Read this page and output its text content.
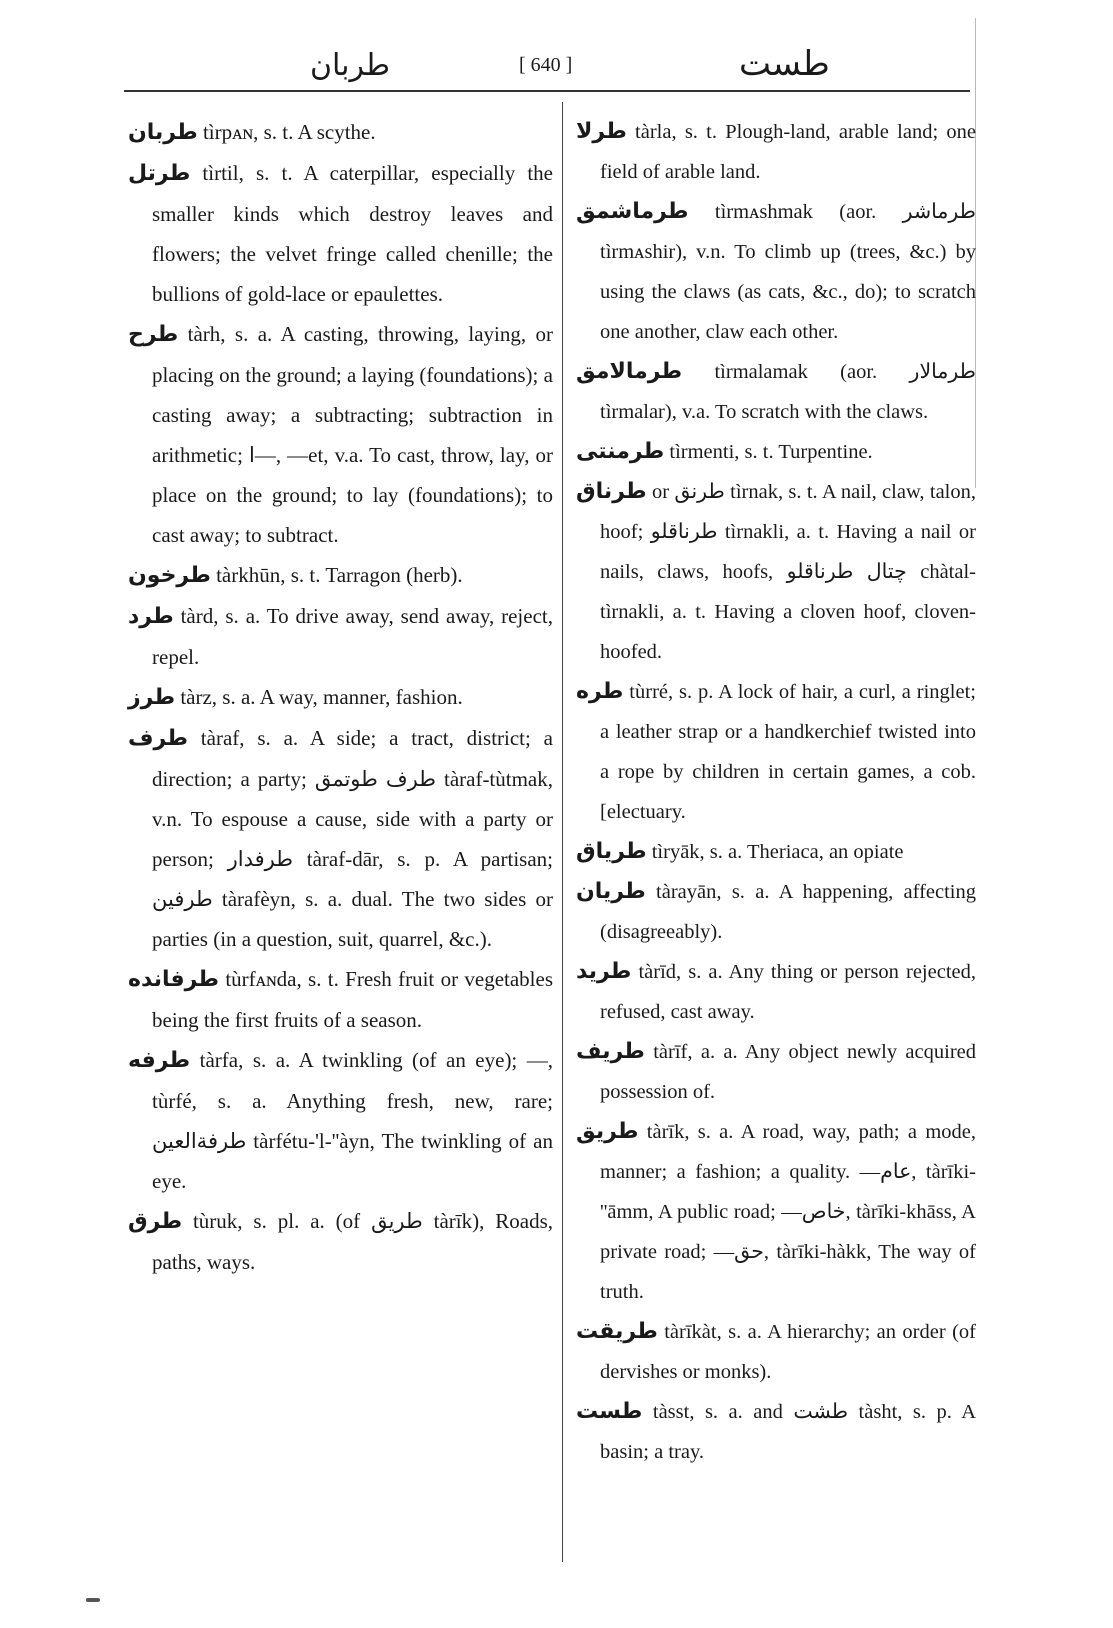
طربان	[ 640 ]	طست

طربان tìrpᴀɴ, s. t. A scythe.

طرتل tìrtil, s. t. A caterpillar, especially the smaller kinds which destroy leaves and flowers; the velvet fringe called chenille; the bullions of gold-lace or epaulettes.

طرح tàrh, s. a. A casting, throwing, laying, or placing on the ground; a laying (foundations); a casting away; a subtracting; subtraction in arithmetic; ‌ا—, —et, v.a. To cast, throw, lay, or place on the ground; to lay (foundations); to cast away; to subtract.

طرخون tàrkhūn, s. t. Tarragon (herb).

طرد tàrd, s. a. To drive away, send away, reject, repel.

طرز tàrz, s. a. A way, manner, fashion.

طرف tàraf, s. a. A side; a tract, district; a direction; a party; طرف طوتمق tàraf-tùtmak, v.n. To espouse a cause, side with a party or person; طرفدار tàraf-dār, s. p. A partisan; طرفين tàrafèyn, s. a. dual. The two sides or parties (in a question, suit, quarrel, &c.).

طرفاندە tùrfᴀɴda, s. t. Fresh fruit or vegetables being the first fruits of a season.

طرفە tàrfa, s. a. A twinkling (of an eye); —, tùrfé, s. a. Anything fresh, new, rare; طرفةالعين tàrfétu-'l-''àyn, The twinkling of an eye.

طرق tùruk, s. pl. a. (of طريق tàrīk), Roads, paths, ways.

طرلا tàrla, s. t. Plough-land, arable land; one field of arable land.

طرماشمق tìrmᴀshmak (aor. طرماشر tìrmᴀshir), v.n. To climb up (trees, &c.) by using the claws (as cats, &c., do); to scratch one another, claw each other.

طرمالامق tìrmalamak (aor. طرمالار tìrmalar), v.a. To scratch with the claws.

طرمنتی tìrmenti, s. t. Turpentine.

طرناق or طرنق tìrnak, s. t. A nail, claw, talon, hoof; طرناقلو tìrnakli, a. t. Having a nail or nails, claws, hoofs, چتال طرناقلو chàtal-tìrnakli, a. t. Having a cloven hoof, cloven-hoofed.

طرە tùrré, s. p. A lock of hair, a curl, a ringlet; a leather strap or a handkerchief twisted into a rope by children in certain games, a cob. [electuary.

طرياق tìryāk, s. a. Theriaca, an opiate

طريان tàrayān, s. a. A happening, affecting (disagreeably).

طريد tàrīd, s. a. Any thing or person rejected, refused, cast away.

طريف tàrīf, a. a. Any object newly acquired possession of.

طريق tàrīk, s. a. A road, way, path; a mode, manner; a fashion; a quality. —عام, tàrīki-''āmm, A public road; —خاص, tàrīki-khāss, A private road; —حق, tàrīki-hàkk, The way of truth.

طريقت tàrīkàt, s. a. A hierarchy; an order (of dervishes or monks).

طست tàsst, s. a. and طشت tàsht, s. p. A basin; a tray.
